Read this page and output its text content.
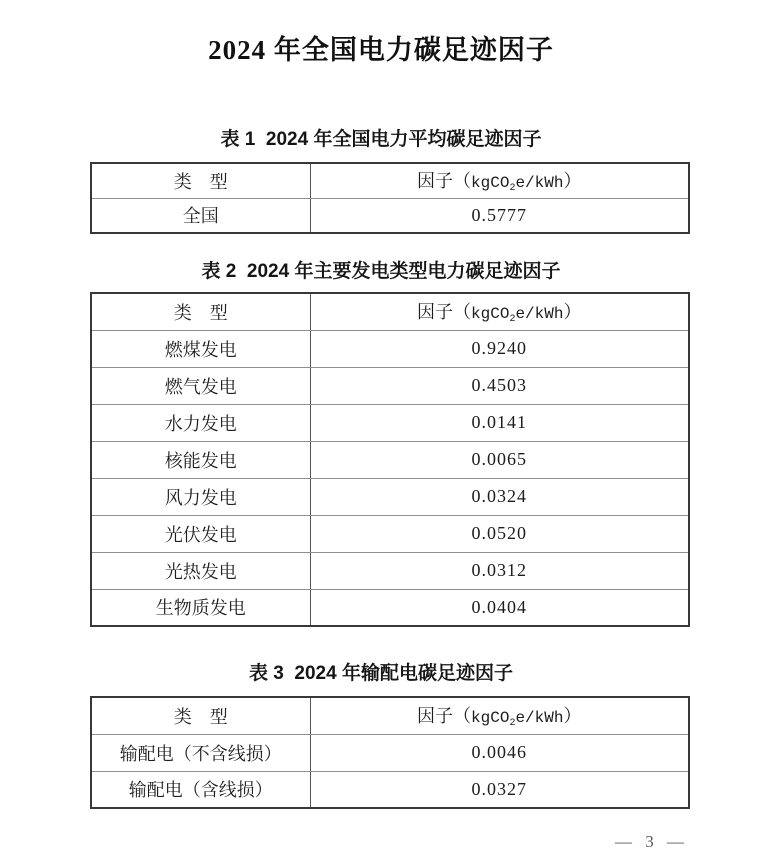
2024 年全国电力碳足迹因子
表 1  2024 年全国电力平均碳足迹因子
类　型	因子（kgCO$_2$e/kWh）
全国	0.5777
表 2  2024 年主要发电类型电力碳足迹因子
类　型	因子（kgCO$_2$e/kWh）
燃煤发电	0.9240
燃气发电	0.4503
水力发电	0.0141
核能发电	0.0065
风力发电	0.0324
光伏发电	0.0520
光热发电	0.0312
生物质发电	0.0404
表 3  2024 年输配电碳足迹因子
类　型	因子（kgCO$_2$e/kWh）
输配电（不含线损）	0.0046
输配电（含线损）	0.0327
— 3 —
